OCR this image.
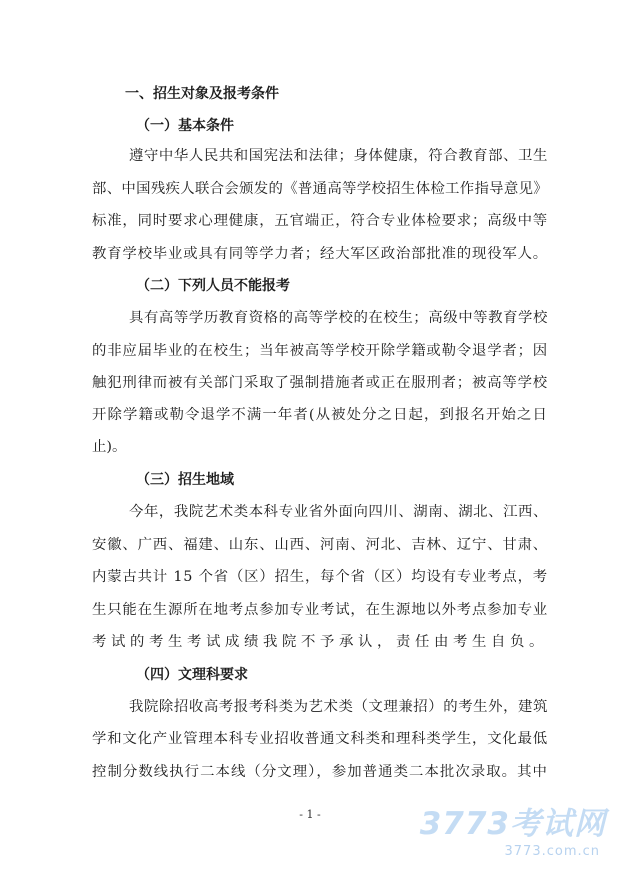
一、招生对象及报考条件

（一）基本条件

遵守中华人民共和国宪法和法律；身体健康，符合教育部、卫生

部、中国残疾人联合会颁发的《普通高等学校招生体检工作指导意见》

标准，同时要求心理健康，五官端正，符合专业体检要求；高级中等

教育学校毕业或具有同等学力者；经大军区政治部批准的现役军人。

（二）下列人员不能报考

具有高等学历教育资格的高等学校的在校生；高级中等教育学校

的非应届毕业的在校生；当年被高等学校开除学籍或勒令退学者；因

触犯刑律而被有关部门采取了强制措施者或正在服刑者；被高等学校

开除学籍或勒令退学不满一年者(从被处分之日起，到报名开始之日

止)。

（三）招生地域

今年，我院艺术类本科专业省外面向四川、湖南、湖北、江西、

安徽、广西、福建、山东、山西、河南、河北、吉林、辽宁、甘肃、

内蒙古共计 15 个省（区）招生，每个省（区）均设有专业考点，考

生只能在生源所在地考点参加专业考试，在生源地以外考点参加专业

考试的考生考试成绩我院不予承认，责任由考生自负。

（四）文理科要求

我院除招收高考报考科类为艺术类（文理兼招）的考生外，建筑

学和文化产业管理本科专业招收普通文科类和理科类学生，文化最低

控制分数线执行二本线（分文理），参加普通类二本批次录取。其中

- 1 -	3773考试网
3773.com.cn
